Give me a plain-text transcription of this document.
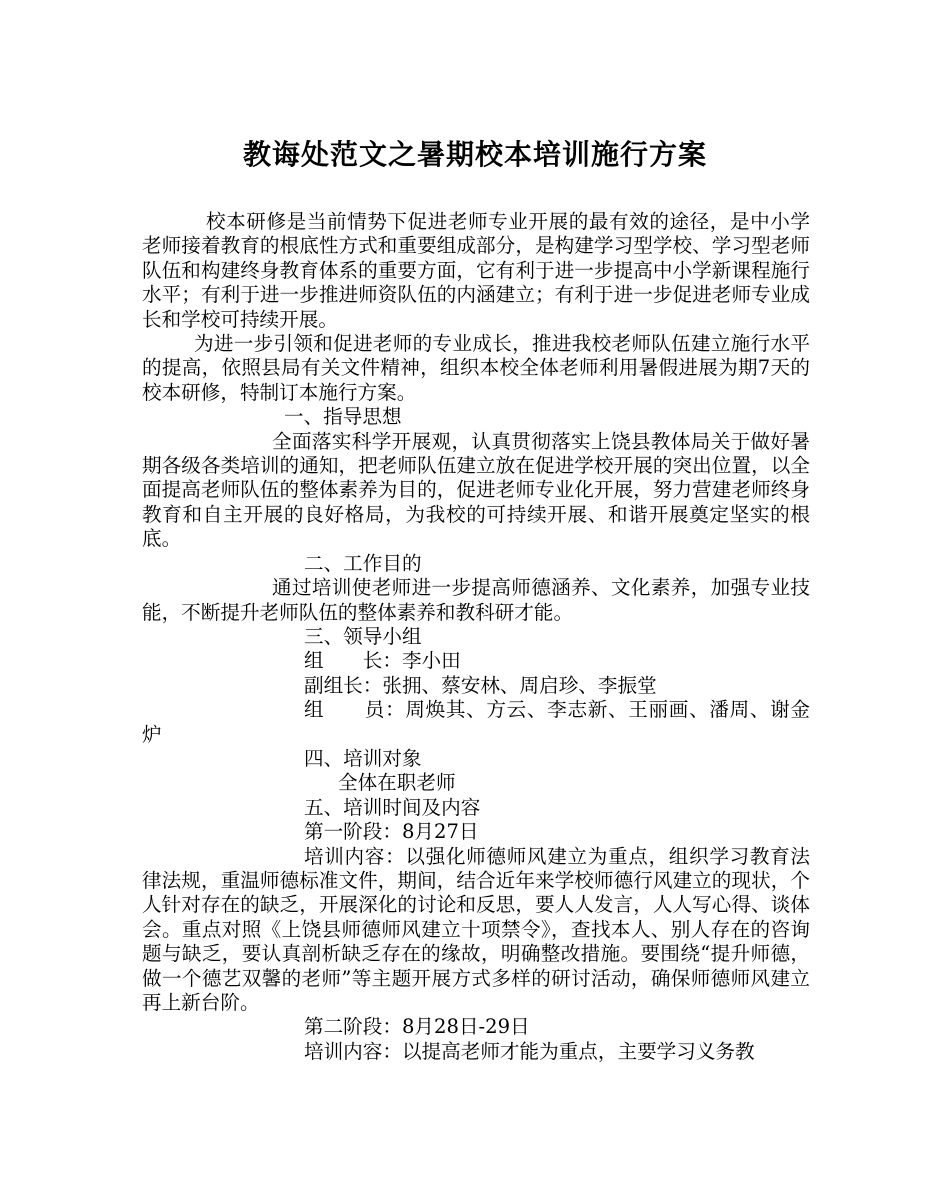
教诲处范文之暑期校本培训施行方案

校本研修是当前情势下促进老师专业开展的最有效的途径，是中小学老师接着教育的根底性方式和重要组成部分，是构建学习型学校、学习型老师队伍和构建终身教育体系的重要方面，它有利于进一步提高中小学新课程施行水平；有利于进一步推进师资队伍的内涵建立；有利于进一步促进老师专业成长和学校可持续开展。

为进一步引领和促进老师的专业成长，推进我校老师队伍建立施行水平的提高，依照县局有关文件精神，组织本校全体老师利用暑假进展为期7天的校本研修，特制订本施行方案。

一、指导思想

全面落实科学开展观，认真贯彻落实上饶县教体局关于做好暑期各级各类培训的通知，把老师队伍建立放在促进学校开展的突出位置，以全面提高老师队伍的整体素养为目的，促进老师专业化开展，努力营建老师终身教育和自主开展的良好格局，为我校的可持续开展、和谐开展奠定坚实的根底。

二、工作目的

通过培训使老师进一步提高师德涵养、文化素养，加强专业技能，不断提升老师队伍的整体素养和教科研才能。

三、领导小组

组　　长：李小田

副组长：张拥、蔡安林、周启珍、李振堂

组　　员：周焕其、方云、李志新、王丽画、潘周、谢金炉

四、培训对象

全体在职老师

五、培训时间及内容

第一阶段：8月27日

培训内容：以强化师德师风建立为重点，组织学习教育法律法规，重温师德标准文件，期间，结合近年来学校师德行风建立的现状，个人针对存在的缺乏，开展深化的讨论和反思，要人人发言，人人写心得、谈体会。重点对照《上饶县师德师风建立十项禁令》，查找本人、别人存在的咨询题与缺乏，要认真剖析缺乏存在的缘故，明确整改措施。要围绕“提升师德，做一个德艺双馨的老师”等主题开展方式多样的研讨活动，确保师德师风建立再上新台阶。

第二阶段：8月28日-29日

培训内容：以提高老师才能为重点，主要学习义务教
